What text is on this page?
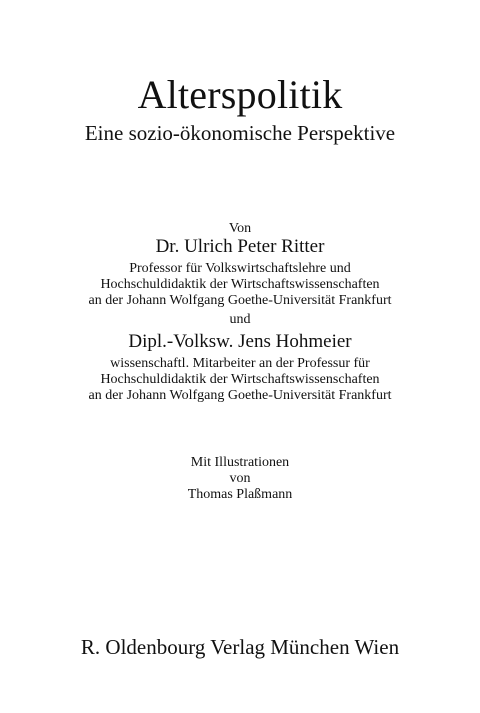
Alterspolitik
Eine sozio-ökonomische Perspektive
Von
Dr. Ulrich Peter Ritter
Professor für Volkswirtschaftslehre und
Hochschuldidaktik der Wirtschaftswissenschaften
an der Johann Wolfgang Goethe-Universität Frankfurt
und
Dipl.-Volksw. Jens Hohmeier
wissenschaftl. Mitarbeiter an der Professur für
Hochschuldidaktik der Wirtschaftswissenschaften
an der Johann Wolfgang Goethe-Universität Frankfurt
Mit Illustrationen
von
Thomas Plaßmann
R. Oldenbourg Verlag München Wien
